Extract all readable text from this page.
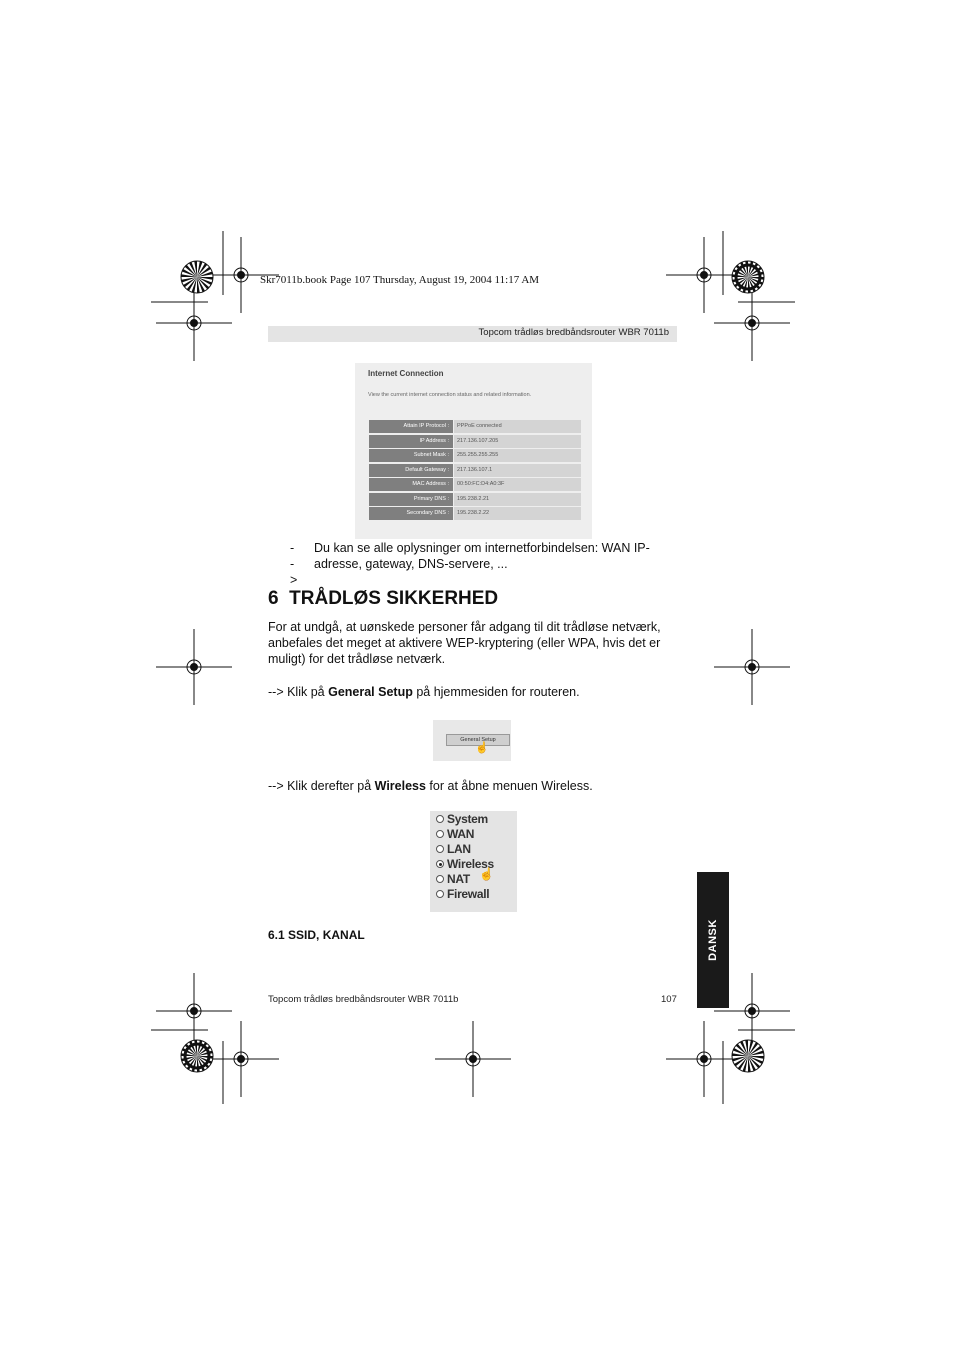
Skr7011b.book Page 107 Thursday, August 19, 2004 11:17 AM
Topcom trådløs bredbåndsrouter WBR 7011b
Internet Connection
View the current internet connection status and related information.
Attain IP Protocol :	PPPoE connected
IP Address :	217.136.107.205
Subnet Mask :	255.255.255.255
Default Gateway :	217.136.107.1
MAC Address :	00:50:FC:D4:A0:3F
Primary DNS :	195.238.2.21
Secondary DNS :	195.238.2.22
-->
Du kan se alle oplysninger om internetforbindelsen: WAN IP-adresse, gateway, DNS-servere, ...
6 TRÅDLØS SIKKERHED
For at undgå, at uønskede personer får adgang til dit trådløse netværk, anbefales det meget at aktivere WEP-kryptering (eller WPA, hvis det er muligt) for det trådløse netværk.
--> Klik på General Setup på hjemmesiden for routeren.
General Setup
☝
--> Klik derefter på Wireless for at åbne menuen Wireless.
System
WAN
LAN
Wireless
NAT
Firewall
☝
6.1 SSID, KANAL
Topcom trådløs bredbåndsrouter WBR 7011b	107
DANSK
